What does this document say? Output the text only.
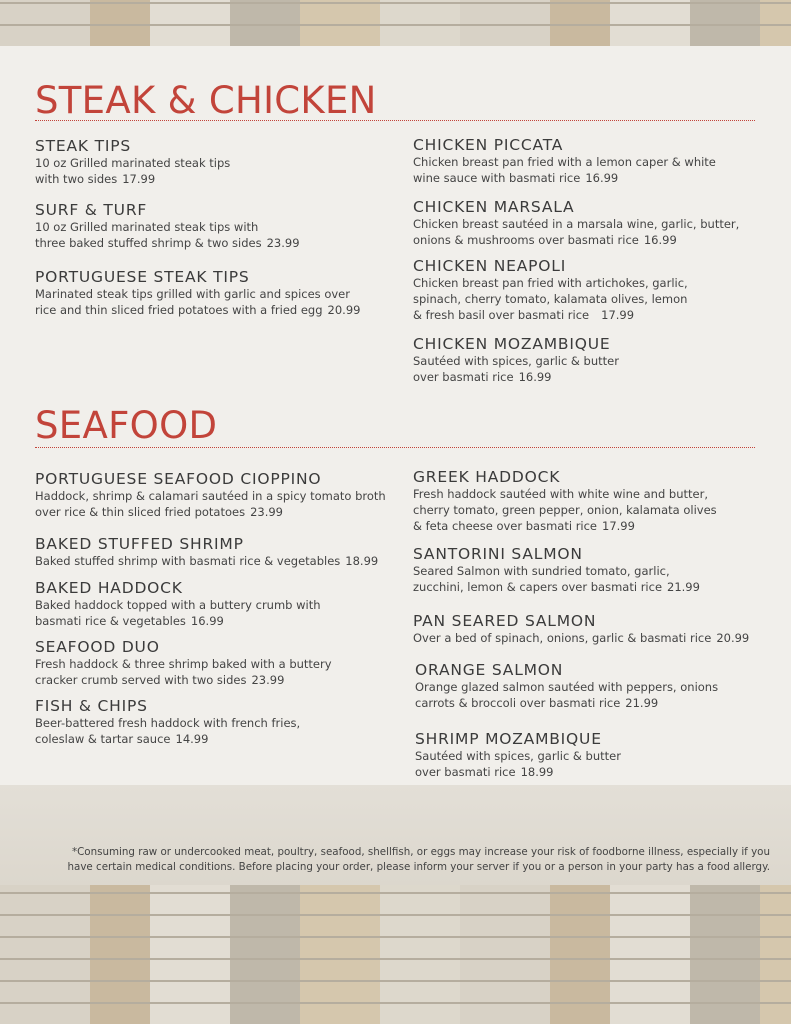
STEAK & CHICKEN
STEAK TIPS
10 oz Grilled marinated steak tips
with two sides 17.99
SURF & TURF
10 oz Grilled marinated steak tips with
three baked stuffed shrimp & two sides 23.99
PORTUGUESE STEAK TIPS
Marinated steak tips grilled with garlic and spices over
rice and thin sliced fried potatoes with a fried egg 20.99
CHICKEN PICCATA
Chicken breast pan fried with a lemon caper & white
wine sauce with basmati rice 16.99
CHICKEN MARSALA
Chicken breast sautéed in a marsala wine, garlic, butter,
onions & mushrooms over basmati rice 16.99
CHICKEN NEAPOLI
Chicken breast pan fried with artichokes, garlic,
spinach, cherry tomato, kalamata olives, lemon
& fresh basil over basmati rice 17.99
CHICKEN MOZAMBIQUE
Sautéed with spices, garlic & butter
over basmati rice 16.99
SEAFOOD
PORTUGUESE SEAFOOD CIOPPINO
Haddock, shrimp & calamari sautéed in a spicy tomato broth
over rice & thin sliced fried potatoes 23.99
BAKED STUFFED SHRIMP
Baked stuffed shrimp with basmati rice & vegetables 18.99
BAKED HADDOCK
Baked haddock topped with a buttery crumb with
basmati rice & vegetables 16.99
SEAFOOD DUO
Fresh haddock & three shrimp baked with a buttery
cracker crumb served with two sides 23.99
FISH & CHIPS
Beer-battered fresh haddock with french fries,
coleslaw & tartar sauce 14.99
GREEK HADDOCK
Fresh haddock sautéed with white wine and butter,
cherry tomato, green pepper, onion, kalamata olives
& feta cheese over basmati rice 17.99
SANTORINI SALMON
Seared Salmon with sundried tomato, garlic,
zucchini, lemon & capers over basmati rice 21.99
PAN SEARED SALMON
Over a bed of spinach, onions, garlic & basmati rice 20.99
ORANGE SALMON
Orange glazed salmon sautéed with peppers, onions
carrots & broccoli over basmati rice 21.99
SHRIMP MOZAMBIQUE
Sautéed with spices, garlic & butter
over basmati rice 18.99
*Consuming raw or undercooked meat, poultry, seafood, shellfish, or eggs may increase your risk of foodborne illness, especially if you
have certain medical conditions. Before placing your order, please inform your server if you or a person in your party has a food allergy.
